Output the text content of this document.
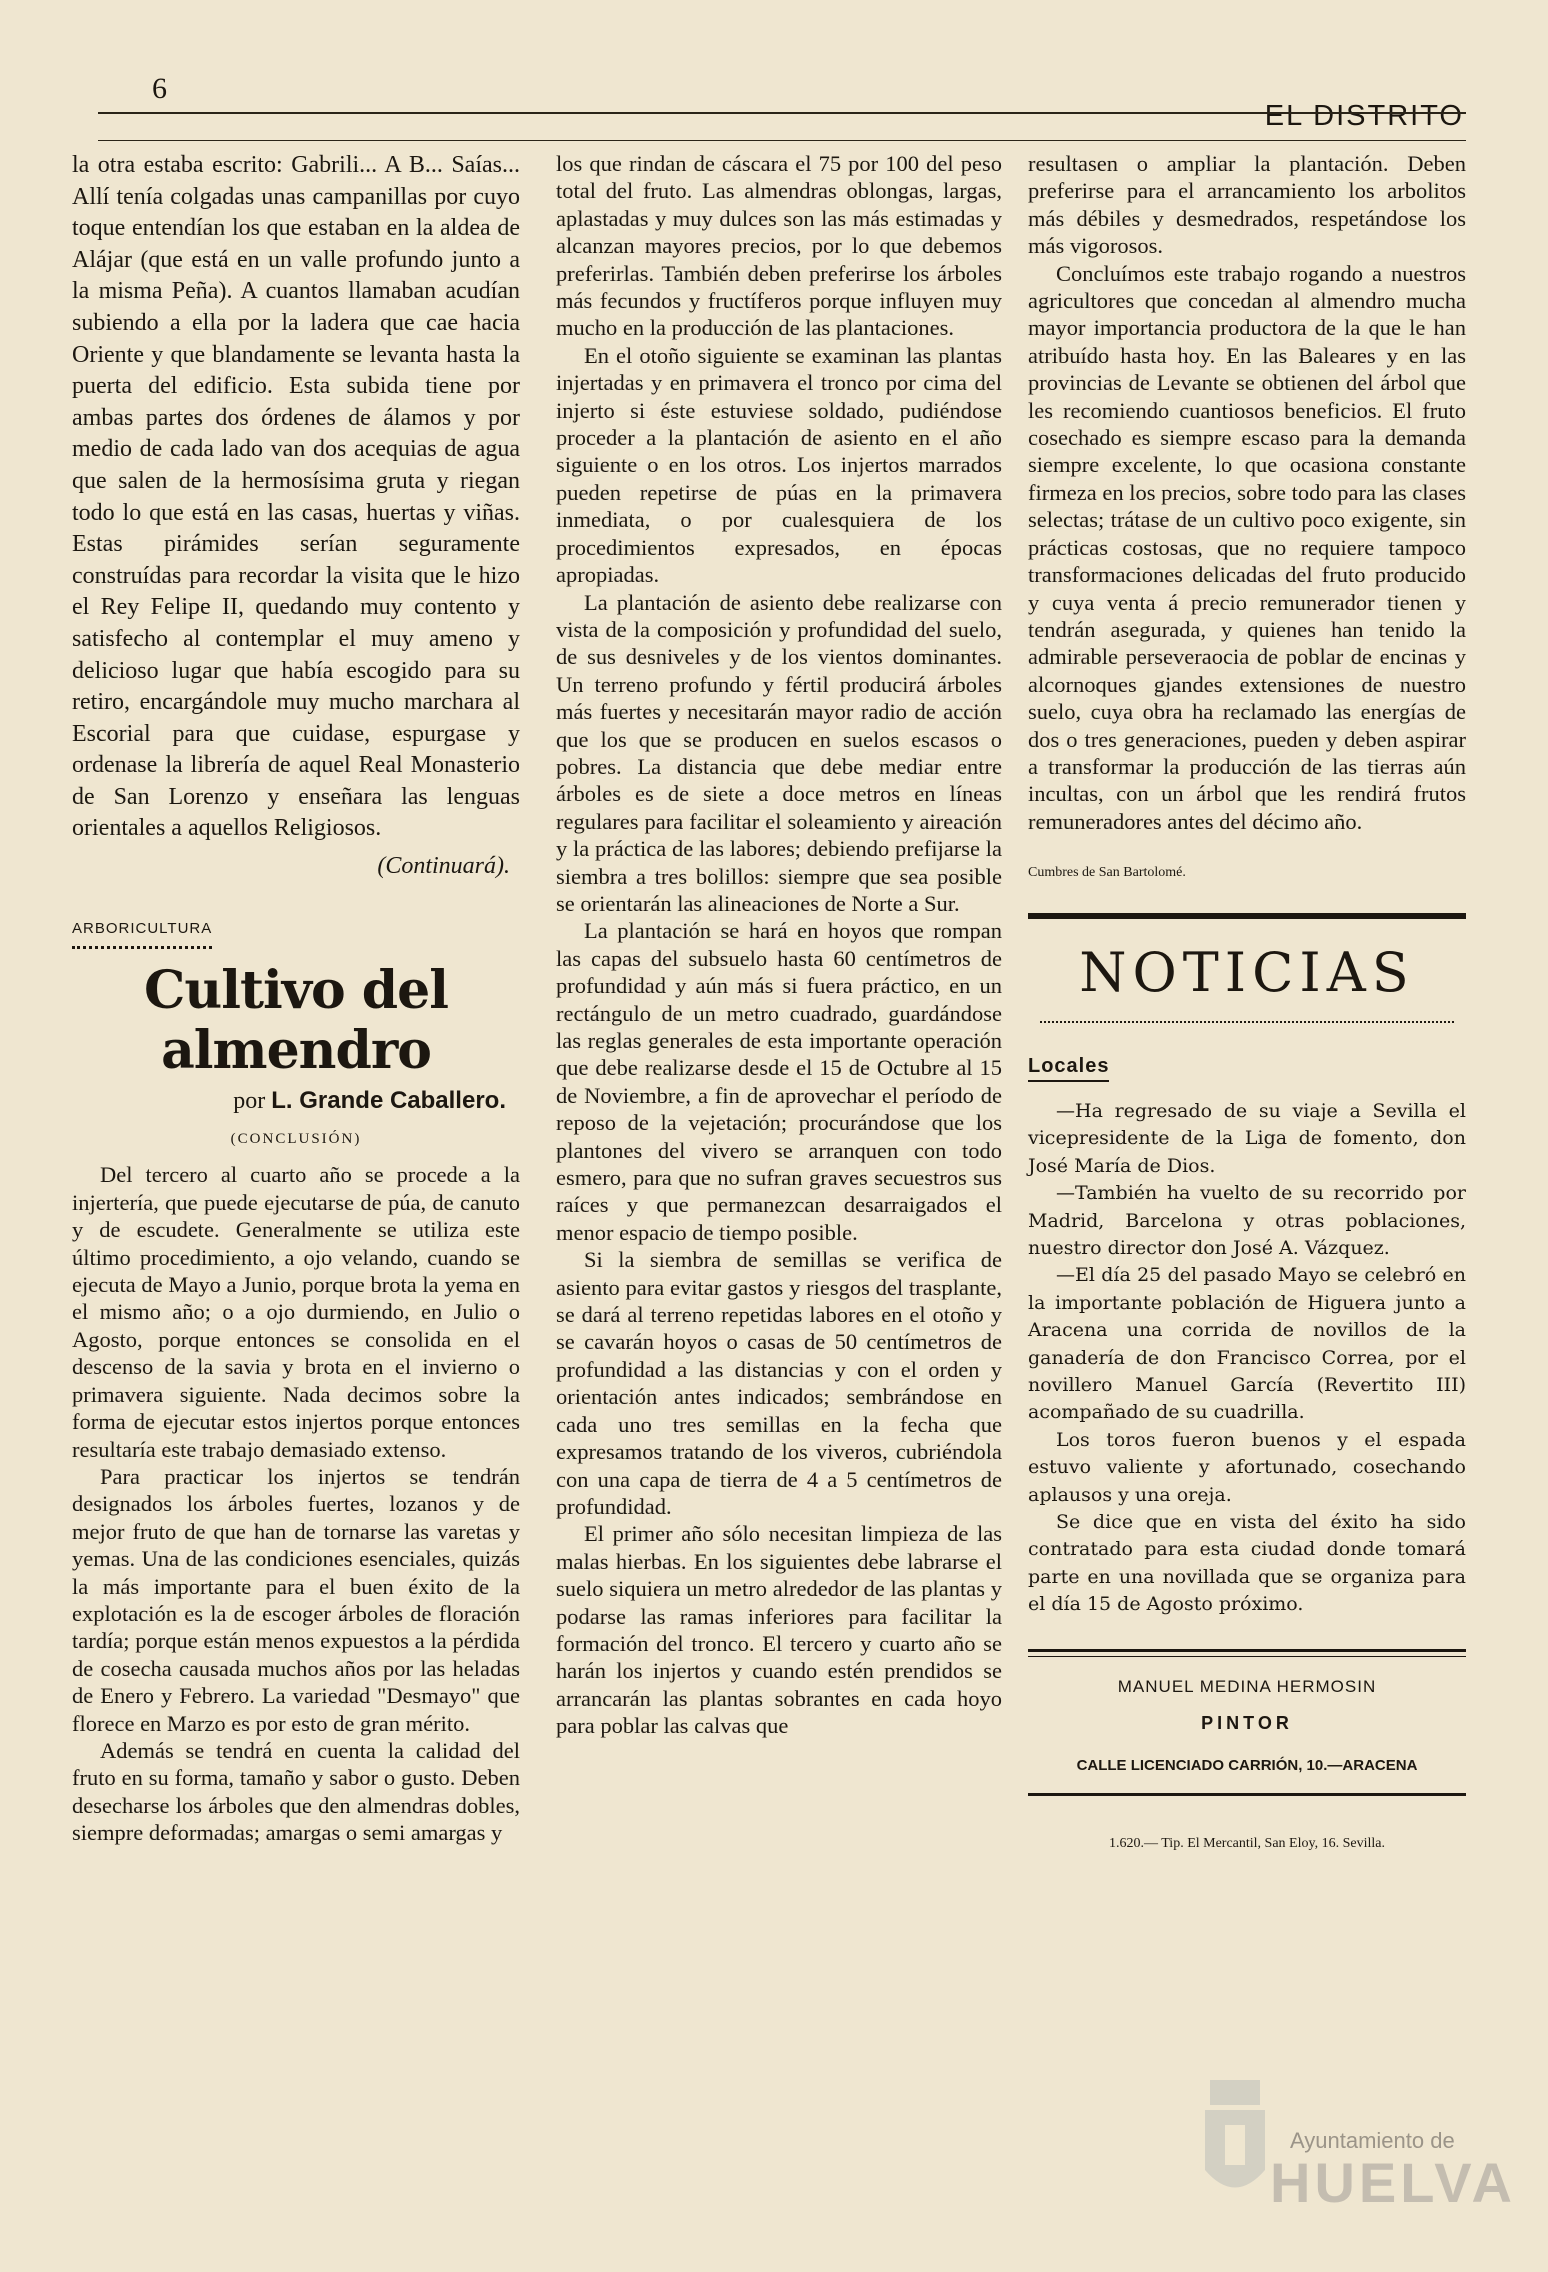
6
EL DISTRITO

la otra estaba escrito: Gabrili... A B... Saías... Allí tenía colgadas unas campanillas por cuyo toque entendían los que estaban en la aldea de Alájar (que está en un valle profundo junto a la misma Peña). A cuantos llamaban acudían subiendo a ella por la ladera que cae hacia Oriente y que blandamente se levanta hasta la puerta del edificio. Esta subida tiene por ambas partes dos órdenes de álamos y por medio de cada lado van dos acequias de agua que salen de la hermosísima gruta y riegan todo lo que está en las casas, huertas y viñas. Estas pirámides serían seguramente construídas para recordar la visita que le hizo el Rey Felipe II, quedando muy contento y satisfecho al contemplar el muy ameno y delicioso lugar que había escogido para su retiro, encargándole muy mucho marchara al Escorial para que cuidase, espurgase y ordenase la librería de aquel Real Monasterio de San Lorenzo y enseñara las lenguas orientales a aquellos Religiosos.

(Continuará).
ARBORICULTURA
Cultivo del almendro
por L. Grande Caballero.
(CONCLUSIÓN)

Del tercero al cuarto año se procede a la injertería, que puede ejecutarse de púa, de canuto y de escudete. Generalmente se utiliza este último procedimiento, a ojo velando, cuando se ejecuta de Mayo a Junio, porque brota la yema en el mismo año; o a ojo durmiendo, en Julio o Agosto, porque entonces se consolida en el descenso de la savia y brota en el invierno o primavera siguiente. Nada decimos sobre la forma de ejecutar estos injertos porque entonces resultaría este trabajo demasiado extenso.

Para practicar los injertos se tendrán designados los árboles fuertes, lozanos y de mejor fruto de que han de tornarse las varetas y yemas. Una de las condiciones esenciales, quizás la más importante para el buen éxito de la explotación es la de escoger árboles de floración tardía; porque están menos expuestos a la pérdida de cosecha causada muchos años por las heladas de Enero y Febrero. La variedad "Desmayo" que florece en Marzo es por esto de gran mérito.

Además se tendrá en cuenta la calidad del fruto en su forma, tamaño y sabor o gusto. Deben desecharse los árboles que den almendras dobles, siempre deformadas; amargas o semi amargas y

los que rindan de cáscara el 75 por 100 del peso total del fruto. Las almendras oblongas, largas, aplastadas y muy dulces son las más estimadas y alcanzan mayores precios, por lo que debemos preferirlas. También deben preferirse los árboles más fecundos y fructíferos porque influyen muy mucho en la producción de las plantaciones.

En el otoño siguiente se examinan las plantas injertadas y en primavera el tronco por cima del injerto si éste estuviese soldado, pudiéndose proceder a la plantación de asiento en el año siguiente o en los otros. Los injertos marrados pueden repetirse de púas en la primavera inmediata, o por cualesquiera de los procedimientos expresados, en épocas apropiadas.

La plantación de asiento debe realizarse con vista de la composición y profundidad del suelo, de sus desniveles y de los vientos dominantes. Un terreno profundo y fértil producirá árboles más fuertes y necesitarán mayor radio de acción que los que se producen en suelos escasos o pobres. La distancia que debe mediar entre árboles es de siete a doce metros en líneas regulares para facilitar el soleamiento y aireación y la práctica de las labores; debiendo prefijarse la siembra a tres bolillos: siempre que sea posible se orientarán las alineaciones de Norte a Sur.

La plantación se hará en hoyos que rompan las capas del subsuelo hasta 60 centímetros de profundidad y aún más si fuera práctico, en un rectángulo de un metro cuadrado, guardándose las reglas generales de esta importante operación que debe realizarse desde el 15 de Octubre al 15 de Noviembre, a fin de aprovechar el período de reposo de la vejetación; procurándose que los plantones del vivero se arranquen con todo esmero, para que no sufran graves secuestros sus raíces y que permanezcan desarraigados el menor espacio de tiempo posible.

Si la siembra de semillas se verifica de asiento para evitar gastos y riesgos del trasplante, se dará al terreno repetidas labores en el otoño y se cavarán hoyos o casas de 50 centímetros de profundidad a las distancias y con el orden y orientación antes indicados; sembrándose en cada uno tres semillas en la fecha que expresamos tratando de los viveros, cubriéndola con una capa de tierra de 4 a 5 centímetros de profundidad.

El primer año sólo necesitan limpieza de las malas hierbas. En los siguientes debe labrarse el suelo siquiera un metro alrededor de las plantas y podarse las ramas inferiores para facilitar la formación del tronco. El tercero y cuarto año se harán los injertos y cuando estén prendidos se arrancarán las plantas sobrantes en cada hoyo para poblar las calvas que

resultasen o ampliar la plantación. Deben preferirse para el arrancamiento los arbolitos más débiles y desmedrados, respetándose los más vigorosos.

Concluímos este trabajo rogando a nuestros agricultores que concedan al almendro mucha mayor importancia productora de la que le han atribuído hasta hoy. En las Baleares y en las provincias de Levante se obtienen del árbol que les recomiendo cuantiosos beneficios. El fruto cosechado es siempre escaso para la demanda siempre excelente, lo que ocasiona constante firmeza en los precios, sobre todo para las clases selectas; trátase de un cultivo poco exigente, sin prácticas costosas, que no requiere tampoco transformaciones delicadas del fruto producido y cuya venta á precio remunerador tienen y tendrán asegurada, y quienes han tenido la admirable perseveraocia de poblar de encinas y alcornoques gjandes extensiones de nuestro suelo, cuya obra ha reclamado las energías de dos o tres generaciones, pueden y deben aspirar a transformar la producción de las tierras aún incultas, con un árbol que les rendirá frutos remuneradores antes del décimo año.

Cumbres de San Bartolomé.
NOTICIAS
Locales

—Ha regresado de su viaje a Sevilla el vicepresidente de la Liga de fomento, don José María de Dios.

—También ha vuelto de su recorrido por Madrid, Barcelona y otras poblaciones, nuestro director don José A. Vázquez.

—El día 25 del pasado Mayo se celebró en la importante población de Higuera junto a Aracena una corrida de novillos de la ganadería de don Francisco Correa, por el novillero Manuel García (Revertito III) acompañado de su cuadrilla.

Los toros fueron buenos y el espada estuvo valiente y afortunado, cosechando aplausos y una oreja.

Se dice que en vista del éxito ha sido contratado para esta ciudad donde tomará parte en una novillada que se organiza para el día 15 de Agosto próximo.

MANUEL MEDINA HERMOSIN
PINTOR
CALLE LICENCIADO CARRIÓN, 10.—ARACENA
1.620.— Tip. El Mercantil, San Eloy, 16. Sevilla.
Ayuntamiento de
HUELVA
